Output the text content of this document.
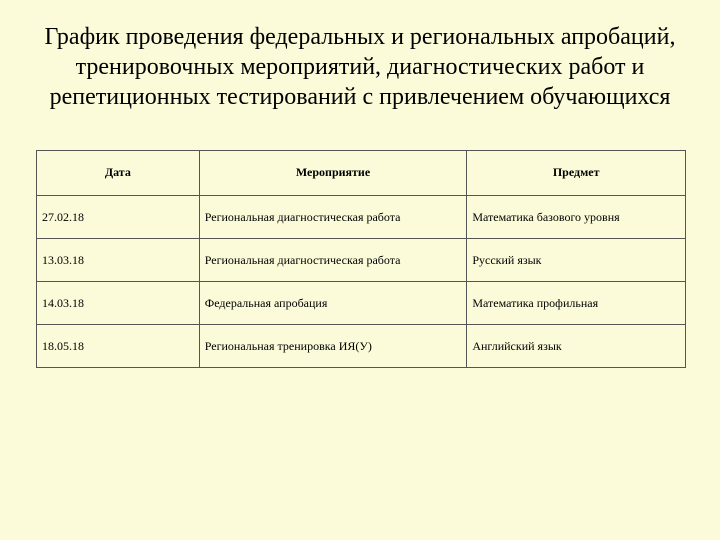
График проведения федеральных и региональных апробаций,
тренировочных мероприятий, диагностических работ и
репетиционных тестирований с привлечением обучающихся
Дата	Мероприятие	Предмет
27.02.18	Региональная диагностическая работа	Математика базового уровня
13.03.18	Региональная диагностическая работа	Русский язык
14.03.18	Федеральная апробация	Математика профильная
18.05.18	Региональная тренировка ИЯ(У)	Английский язык
